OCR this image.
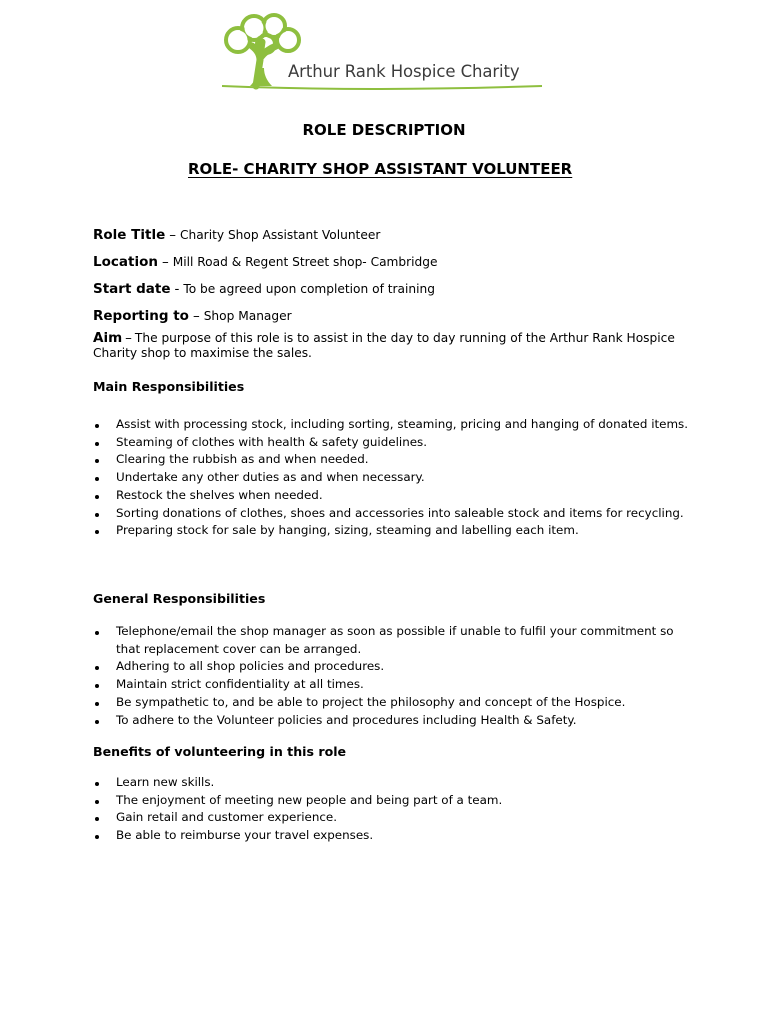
Arthur Rank Hospice Charity
ROLE DESCRIPTION
ROLE- CHARITY SHOP ASSISTANT VOLUNTEER
Role Title – Charity Shop Assistant Volunteer
Location – Mill Road & Regent Street shop- Cambridge
Start date - To be agreed upon completion of training
Reporting to – Shop Manager
Aim – The purpose of this role is to assist in the day to day running of the Arthur Rank Hospice Charity shop to maximise the sales.
Main Responsibilities
Assist with processing stock, including sorting, steaming, pricing and hanging of donated items.
Steaming of clothes with health & safety guidelines.
Clearing the rubbish as and when needed.
Undertake any other duties as and when necessary.
Restock the shelves when needed.
Sorting donations of clothes, shoes and accessories into saleable stock and items for recycling.
Preparing stock for sale by hanging, sizing, steaming and labelling each item.
General Responsibilities
Telephone/email the shop manager as soon as possible if unable to fulfil your commitment so that replacement cover can be arranged.
Adhering to all shop policies and procedures.
Maintain strict confidentiality at all times.
Be sympathetic to, and be able to project the philosophy and concept of the Hospice.
To adhere to the Volunteer policies and procedures including Health & Safety.
Benefits of volunteering in this role
Learn new skills.
The enjoyment of meeting new people and being part of a team.
Gain retail and customer experience.
Be able to reimburse your travel expenses.
